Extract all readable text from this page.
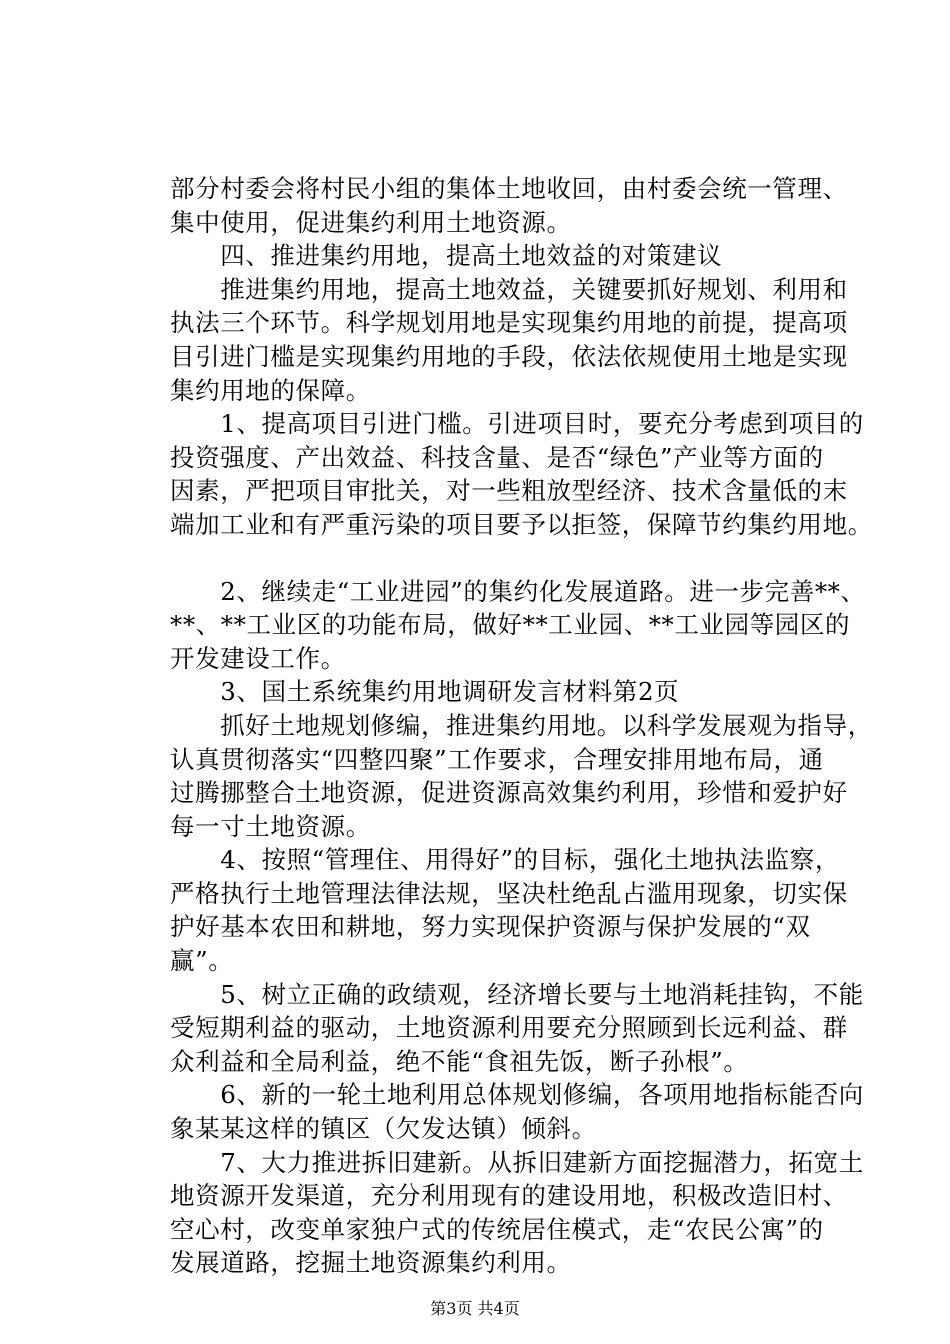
部分村委会将村民小组的集体土地收回，由村委会统一管理、
集中使用，促进集约利用土地资源。
　　四、推进集约用地，提高土地效益的对策建议
　　推进集约用地，提高土地效益，关键要抓好规划、利用和
执法三个环节。科学规划用地是实现集约用地的前提，提高项
目引进门槛是实现集约用地的手段，依法依规使用土地是实现
集约用地的保障。
　　1、提高项目引进门槛。引进项目时，要充分考虑到项目的
投资强度、产出效益、科技含量、是否“绿色”产业等方面的
因素，严把项目审批关，对一些粗放型经济、技术含量低的末
端加工业和有严重污染的项目要予以拒签，保障节约集约用地。
　　2、继续走“工业进园”的集约化发展道路。进一步完善**、
**、**工业区的功能布局，做好**工业园、**工业园等园区的
开发建设工作。
　　3、国土系统集约用地调研发言材料第2页
　　抓好土地规划修编，推进集约用地。以科学发展观为指导，
认真贯彻落实“四整四聚”工作要求，合理安排用地布局，通
过腾挪整合土地资源，促进资源高效集约利用，珍惜和爱护好
每一寸土地资源。
　　4、按照“管理住、用得好”的目标，强化土地执法监察，
严格执行土地管理法律法规，坚决杜绝乱占滥用现象，切实保
护好基本农田和耕地，努力实现保护资源与保护发展的“双
赢”。
　　5、树立正确的政绩观，经济增长要与土地消耗挂钩，不能
受短期利益的驱动，土地资源利用要充分照顾到长远利益、群
众利益和全局利益，绝不能“食祖先饭，断子孙根”。
　　6、新的一轮土地利用总体规划修编，各项用地指标能否向
象某某这样的镇区（欠发达镇）倾斜。
　　7、大力推进拆旧建新。从拆旧建新方面挖掘潜力，拓宽土
地资源开发渠道，充分利用现有的建设用地，积极改造旧村、
空心村，改变单家独户式的传统居住模式，走“农民公寓”的
发展道路，挖掘土地资源集约利用。
第3页 共4页
